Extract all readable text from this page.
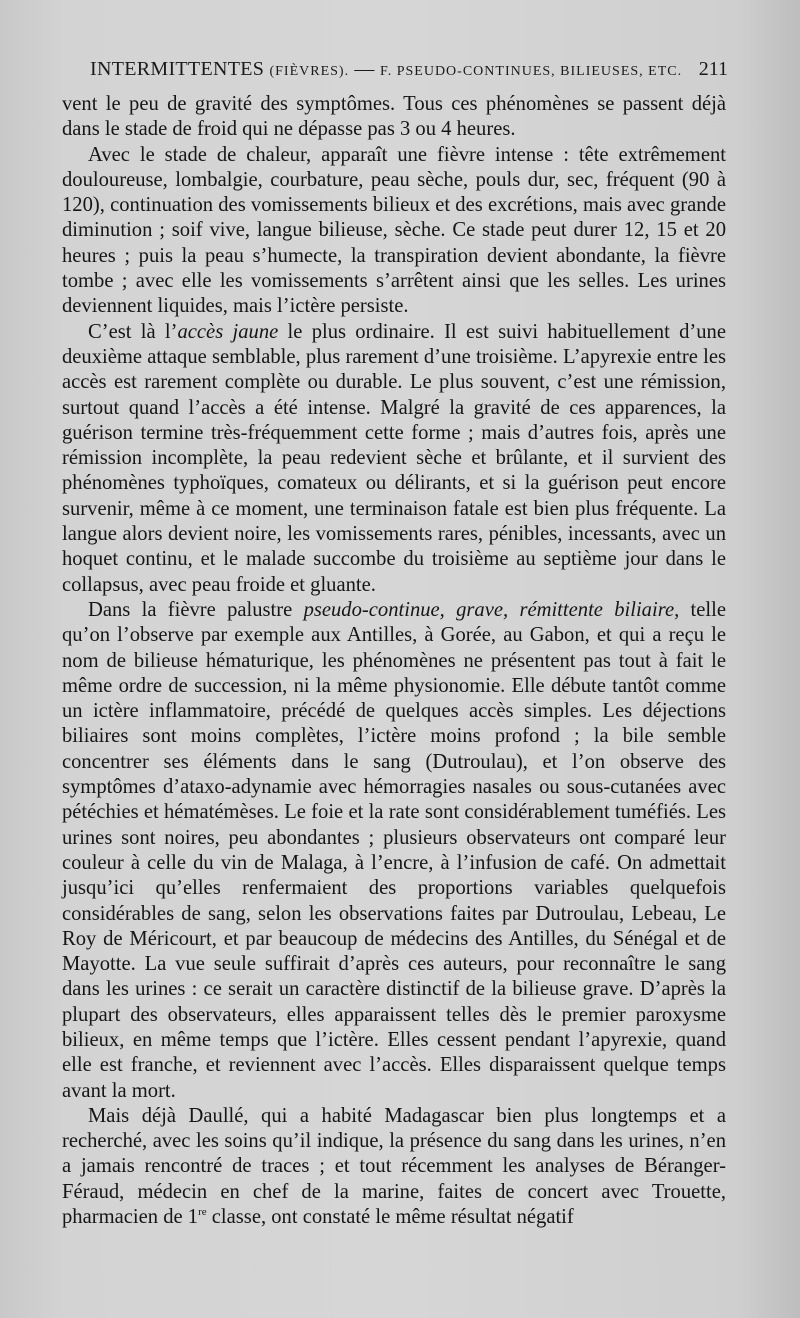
INTERMITTENTES (FIÈVRES). — F. PSEUDO-CONTINUES, BILIEUSES, ETC. 211

vent le peu de gravité des symptômes. Tous ces phénomènes se passent déjà dans le stade de froid qui ne dépasse pas 3 ou 4 heures.

Avec le stade de chaleur, apparaît une fièvre intense : tête extrêmement douloureuse, lombalgie, courbature, peau sèche, pouls dur, sec, fréquent (90 à 120), continuation des vomissements bilieux et des excrétions, mais avec grande diminution ; soif vive, langue bilieuse, sèche. Ce stade peut durer 12, 15 et 20 heures ; puis la peau s’humecte, la transpiration devient abondante, la fièvre tombe ; avec elle les vomissements s’arrêtent ainsi que les selles. Les urines deviennent liquides, mais l’ictère persiste.

C’est là l’accès jaune le plus ordinaire. Il est suivi habituellement d’une deuxième attaque semblable, plus rarement d’une troisième. L’apyrexie entre les accès est rarement complète ou durable. Le plus souvent, c’est une rémission, surtout quand l’accès a été intense. Malgré la gravité de ces apparences, la guérison termine très-fréquemment cette forme ; mais d’autres fois, après une rémission incomplète, la peau redevient sèche et brûlante, et il survient des phénomènes typhoïques, comateux ou délirants, et si la guérison peut encore survenir, même à ce moment, une terminaison fatale est bien plus fréquente. La langue alors devient noire, les vomissements rares, pénibles, incessants, avec un hoquet continu, et le malade succombe du troisième au septième jour dans le collapsus, avec peau froide et gluante.

Dans la fièvre palustre pseudo-continue, grave, rémittente biliaire, telle qu’on l’observe par exemple aux Antilles, à Gorée, au Gabon, et qui a reçu le nom de bilieuse hématurique, les phénomènes ne présentent pas tout à fait le même ordre de succession, ni la même physionomie. Elle débute tantôt comme un ictère inflammatoire, précédé de quelques accès simples. Les déjections biliaires sont moins complètes, l’ictère moins profond ; la bile semble concentrer ses éléments dans le sang (Dutroulau), et l’on observe des symptômes d’ataxo-adynamie avec hémorragies nasales ou sous-cutanées avec pétéchies et hématémèses. Le foie et la rate sont considérablement tuméfiés. Les urines sont noires, peu abondantes ; plusieurs observateurs ont comparé leur couleur à celle du vin de Malaga, à l’encre, à l’infusion de café. On admettait jusqu’ici qu’elles renfermaient des proportions variables quelquefois considérables de sang, selon les observations faites par Dutroulau, Lebeau, Le Roy de Méricourt, et par beaucoup de médecins des Antilles, du Sénégal et de Mayotte. La vue seule suffirait d’après ces auteurs, pour reconnaître le sang dans les urines : ce serait un caractère distinctif de la bilieuse grave. D’après la plupart des observateurs, elles apparaissent telles dès le premier paroxysme bilieux, en même temps que l’ictère. Elles cessent pendant l’apyrexie, quand elle est franche, et reviennent avec l’accès. Elles disparaissent quelque temps avant la mort.

Mais déjà Daullé, qui a habité Madagascar bien plus longtemps et a recherché, avec les soins qu’il indique, la présence du sang dans les urines, n’en a jamais rencontré de traces ; et tout récemment les analyses de Béranger-Féraud, médecin en chef de la marine, faites de concert avec Trouette, pharmacien de 1re classe, ont constaté le même résultat négatif
